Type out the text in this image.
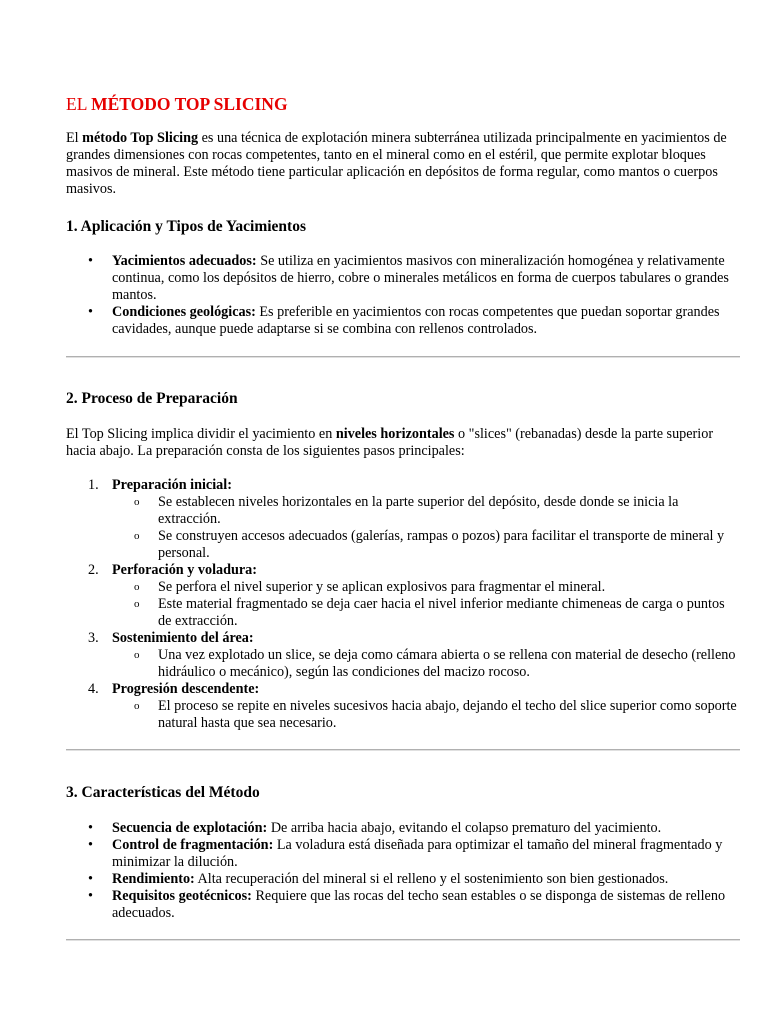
EL MÉTODO TOP SLICING

El método Top Slicing es una técnica de explotación minera subterránea utilizada principalmente en yacimientos de grandes dimensiones con rocas competentes, tanto en el mineral como en el estéril, que permite explotar bloques masivos de mineral. Este método tiene particular aplicación en depósitos de forma regular, como mantos o cuerpos masivos.

1. Aplicación y Tipos de Yacimientos
• Yacimientos adecuados: Se utiliza en yacimientos masivos con mineralización homogénea y relativamente continua, como los depósitos de hierro, cobre o minerales metálicos en forma de cuerpos tabulares o grandes mantos.
• Condiciones geológicas: Es preferible en yacimientos con rocas competentes que puedan soportar grandes cavidades, aunque puede adaptarse si se combina con rellenos controlados.
2. Proceso de Preparación

El Top Slicing implica dividir el yacimiento en niveles horizontales o "slices" (rebanadas) desde la parte superior hacia abajo. La preparación consta de los siguientes pasos principales:

1. Preparación inicial:
o Se establecen niveles horizontales en la parte superior del depósito, desde donde se inicia la extracción.
o Se construyen accesos adecuados (galerías, rampas o pozos) para facilitar el transporte de mineral y personal.
2. Perforación y voladura:
o Se perfora el nivel superior y se aplican explosivos para fragmentar el mineral.
o Este material fragmentado se deja caer hacia el nivel inferior mediante chimeneas de carga o puntos de extracción.
3. Sostenimiento del área:
o Una vez explotado un slice, se deja como cámara abierta o se rellena con material de desecho (relleno hidráulico o mecánico), según las condiciones del macizo rocoso.
4. Progresión descendente:
o El proceso se repite en niveles sucesivos hacia abajo, dejando el techo del slice superior como soporte natural hasta que sea necesario.
3. Características del Método
• Secuencia de explotación: De arriba hacia abajo, evitando el colapso prematuro del yacimiento.
• Control de fragmentación: La voladura está diseñada para optimizar el tamaño del mineral fragmentado y minimizar la dilución.
• Rendimiento: Alta recuperación del mineral si el relleno y el sostenimiento son bien gestionados.
• Requisitos geotécnicos: Requiere que las rocas del techo sean estables o se disponga de sistemas de relleno adecuados.
